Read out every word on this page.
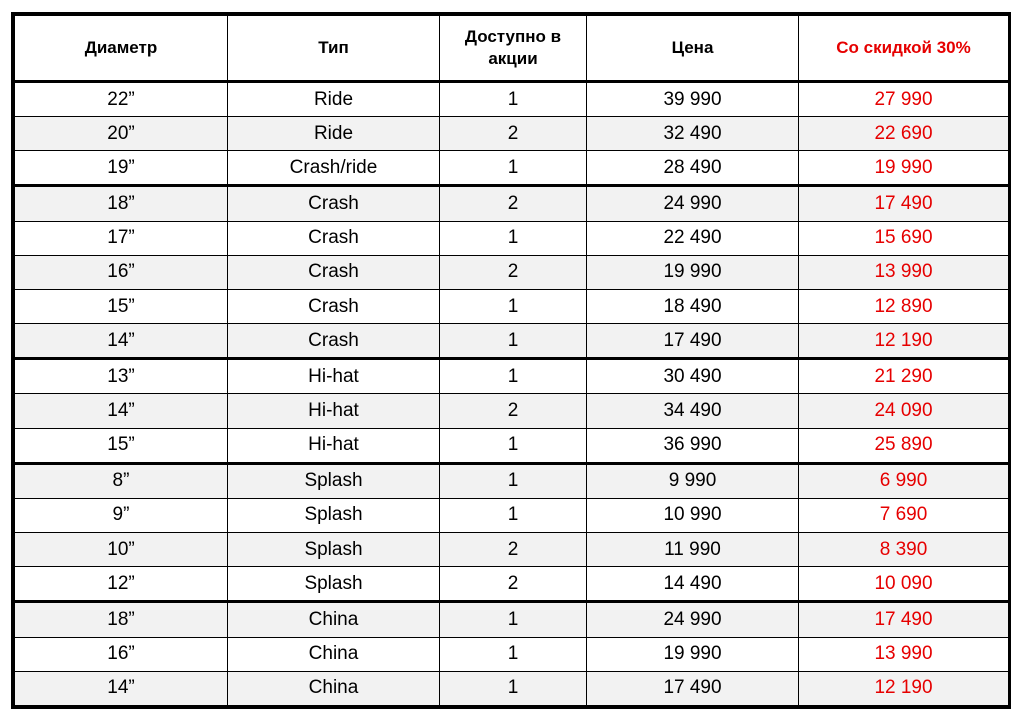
Диаметр	Тип	Доступно в акции	Цена	Со скидкой 30%
22”	Ride	1	39 990	27 990
20”	Ride	2	32 490	22 690
19”	Crash/ride	1	28 490	19 990
18”	Crash	2	24 990	17 490
17”	Crash	1	22 490	15 690
16”	Crash	2	19 990	13 990
15”	Crash	1	18 490	12 890
14”	Crash	1	17 490	12 190
13”	Hi-hat	1	30 490	21 290
14”	Hi-hat	2	34 490	24 090
15”	Hi-hat	1	36 990	25 890
8”	Splash	1	9 990	6 990
9”	Splash	1	10 990	7 690
10”	Splash	2	11 990	8 390
12”	Splash	2	14 490	10 090
18”	China	1	24 990	17 490
16”	China	1	19 990	13 990
14”	China	1	17 490	12 190
